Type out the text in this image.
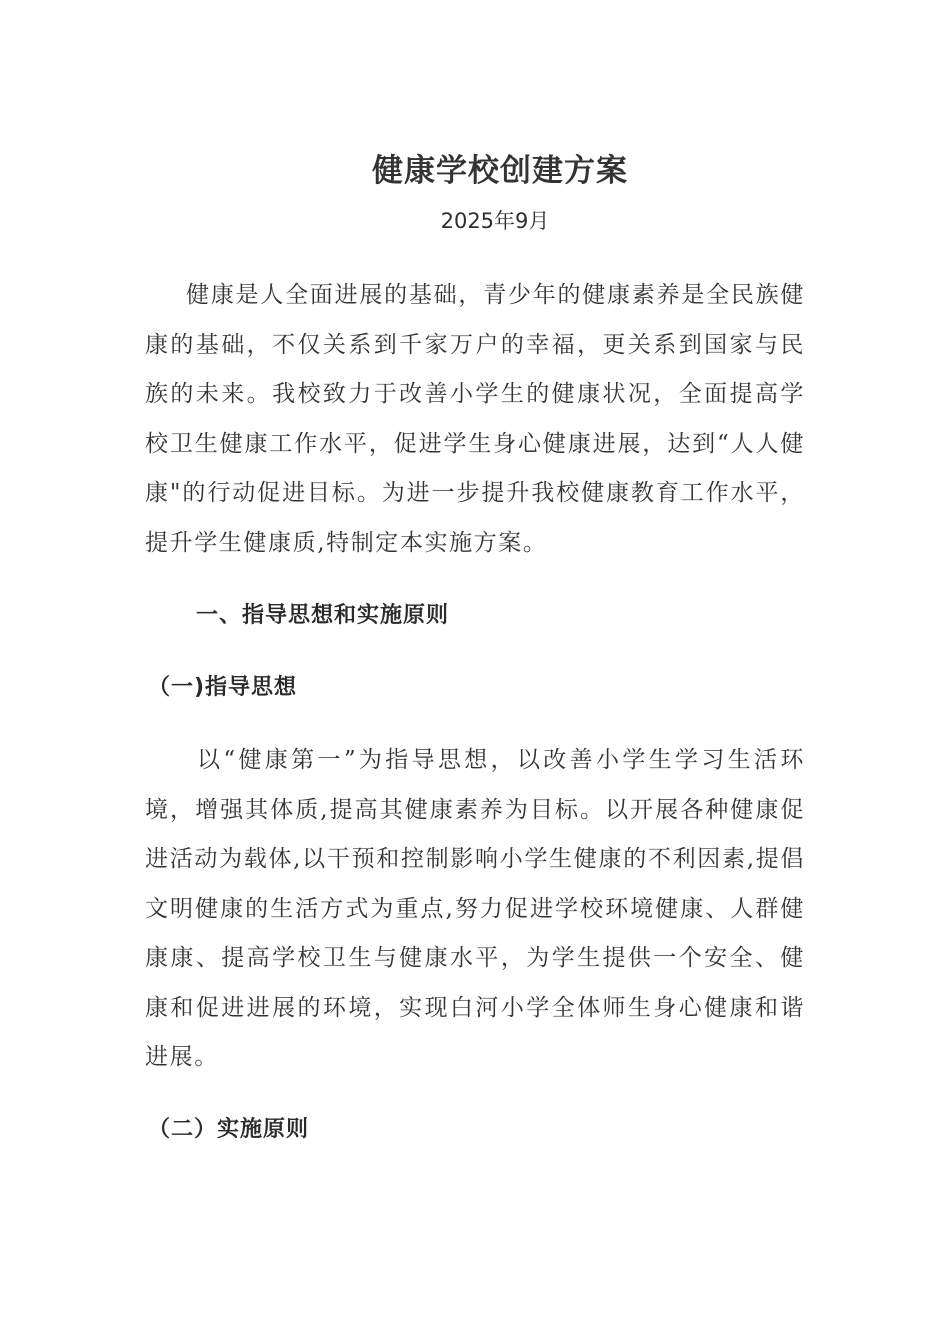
健康学校创建方案
2025年9月

健康是人全面进展的基础，青少年的健康素养是全民族健康的基础，不仅关系到千家万户的幸福，更关系到国家与民族的未来。我校致力于改善小学生的健康状况，全面提高学校卫生健康工作水平，促进学生身心健康进展，达到“人人健康"的行动促进目标。为进一步提升我校健康教育工作水平，提升学生健康质,特制定本实施方案。

一、指导思想和实施原则
（一)指导思想

以“健康第一”为指导思想，以改善小学生学习生活环境，增强其体质,提高其健康素养为目标。以开展各种健康促进活动为载体,以干预和控制影响小学生健康的不利因素,提倡文明健康的生活方式为重点,努力促进学校环境健康、人群健康康、提高学校卫生与健康水平，为学生提供一个安全、健康和促进进展的环境，实现白河小学全体师生身心健康和谐进展。

（二）实施原则
